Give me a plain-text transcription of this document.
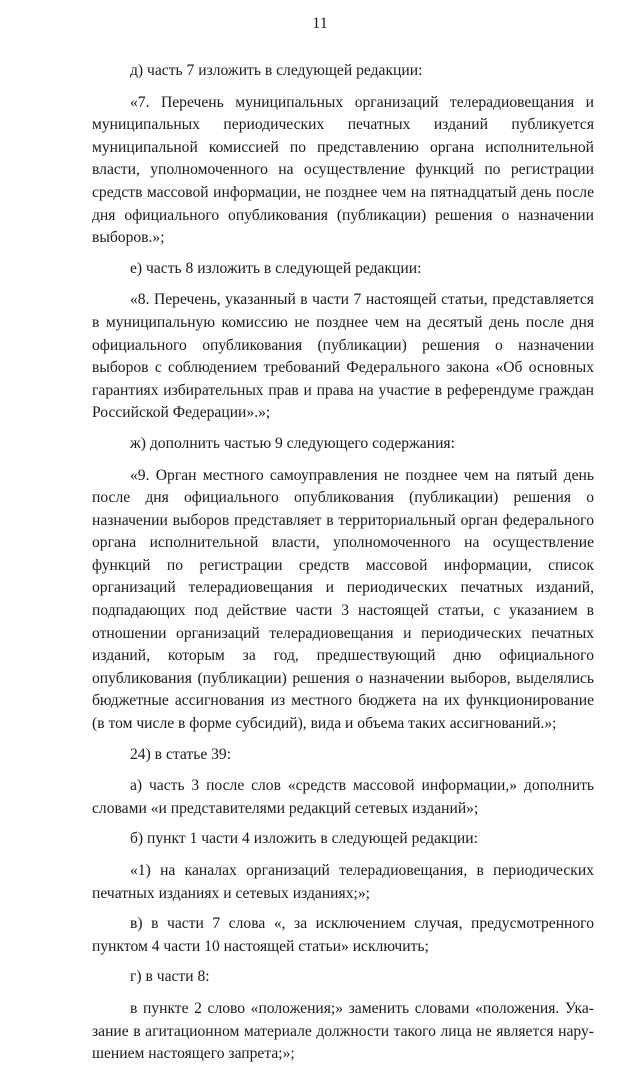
11

д) часть 7 изложить в следующей редакции:

«7. Перечень муниципальных организаций телерадиовещания и муниципальных периодических печатных изданий публикуется муниципальной комиссией по представлению органа исполнительной власти, уполномоченного на осуществление функций по регистрации средств массовой информации, не позднее чем на пятнадцатый день после дня официального опубликования (публикации) решения о назначении выборов.»;

е) часть 8 изложить в следующей редакции:

«8. Перечень, указанный в части 7 настоящей статьи, представляется в муниципальную комиссию не позднее чем на десятый день после дня официального опубликования (публикации) решения о назначении выборов с соблюдением требований Федерального закона «Об основных гарантиях избирательных прав и права на участие в референдуме граждан Российской Федерации».»;

ж) дополнить частью 9 следующего содержания:

«9. Орган местного самоуправления не позднее чем на пятый день после дня официального опубликования (публикации) решения о назначении выборов представляет в территориальный орган федерального органа исполнительной власти, уполномоченного на осуществление функций по регистрации средств массовой информации, список организаций телерадиовещания и периодических печатных изданий, подпадающих под действие части 3 настоящей статьи, с указанием в отношении организаций телерадиовещания и периодических печатных изданий, которым за год, предшествующий дню официального опубликования (публикации) решения о назначении выборов, выделялись бюджетные ассигнования из местного бюджета на их функционирование (в том числе в форме субсидий), вида и объема таких ассигнований.»;

24) в статье 39:

а) часть 3 после слов «средств массовой информации,» дополнить словами «и представителями редакций сетевых изданий»;

б) пункт 1 части 4 изложить в следующей редакции:

«1) на каналах организаций телерадиовещания, в периодических печатных изданиях и сетевых изданиях;»;

в) в части 7 слова «, за исключением случая, предусмотренного пунктом 4 части 10 настоящей статьи» исключить;

г) в части 8:

в пункте 2 слово «положения;» заменить словами «положения. Указание в агитационном материале должности такого лица не является нарушением настоящего запрета;»;
